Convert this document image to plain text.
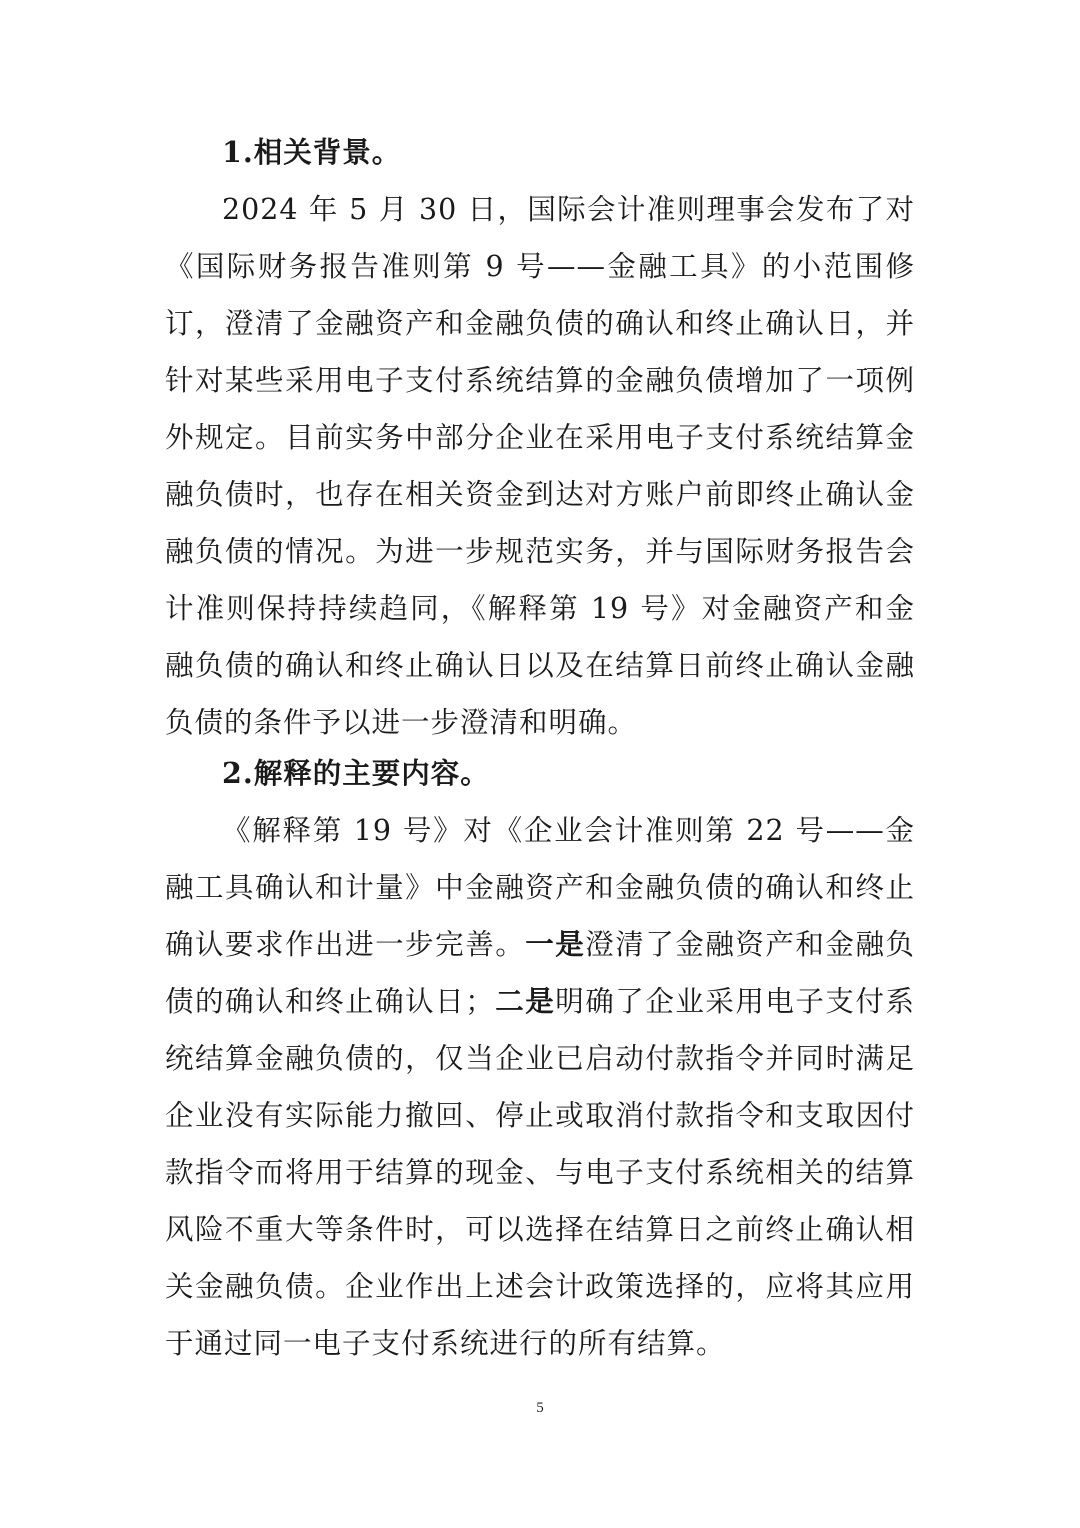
1.相关背景。

2024 年 5 月 30 日，国际会计准则理事会发布了对《国际财务报告准则第 9 号——金融工具》的小范围修订，澄清了金融资产和金融负债的确认和终止确认日，并针对某些采用电子支付系统结算的金融负债增加了一项例外规定。目前实务中部分企业在采用电子支付系统结算金融负债时，也存在相关资金到达对方账户前即终止确认金融负债的情况。为进一步规范实务，并与国际财务报告会计准则保持持续趋同，《解释第 19 号》对金融资产和金融负债的确认和终止确认日以及在结算日前终止确认金融负债的条件予以进一步澄清和明确。

2.解释的主要内容。

《解释第 19 号》对《企业会计准则第 22 号——金融工具确认和计量》中金融资产和金融负债的确认和终止确认要求作出进一步完善。一是澄清了金融资产和金融负债的确认和终止确认日；二是明确了企业采用电子支付系统结算金融负债的，仅当企业已启动付款指令并同时满足企业没有实际能力撤回、停止或取消付款指令和支取因付款指令而将用于结算的现金、与电子支付系统相关的结算风险不重大等条件时，可以选择在结算日之前终止确认相关金融负债。企业作出上述会计政策选择的，应将其应用于通过同一电子支付系统进行的所有结算。

5
